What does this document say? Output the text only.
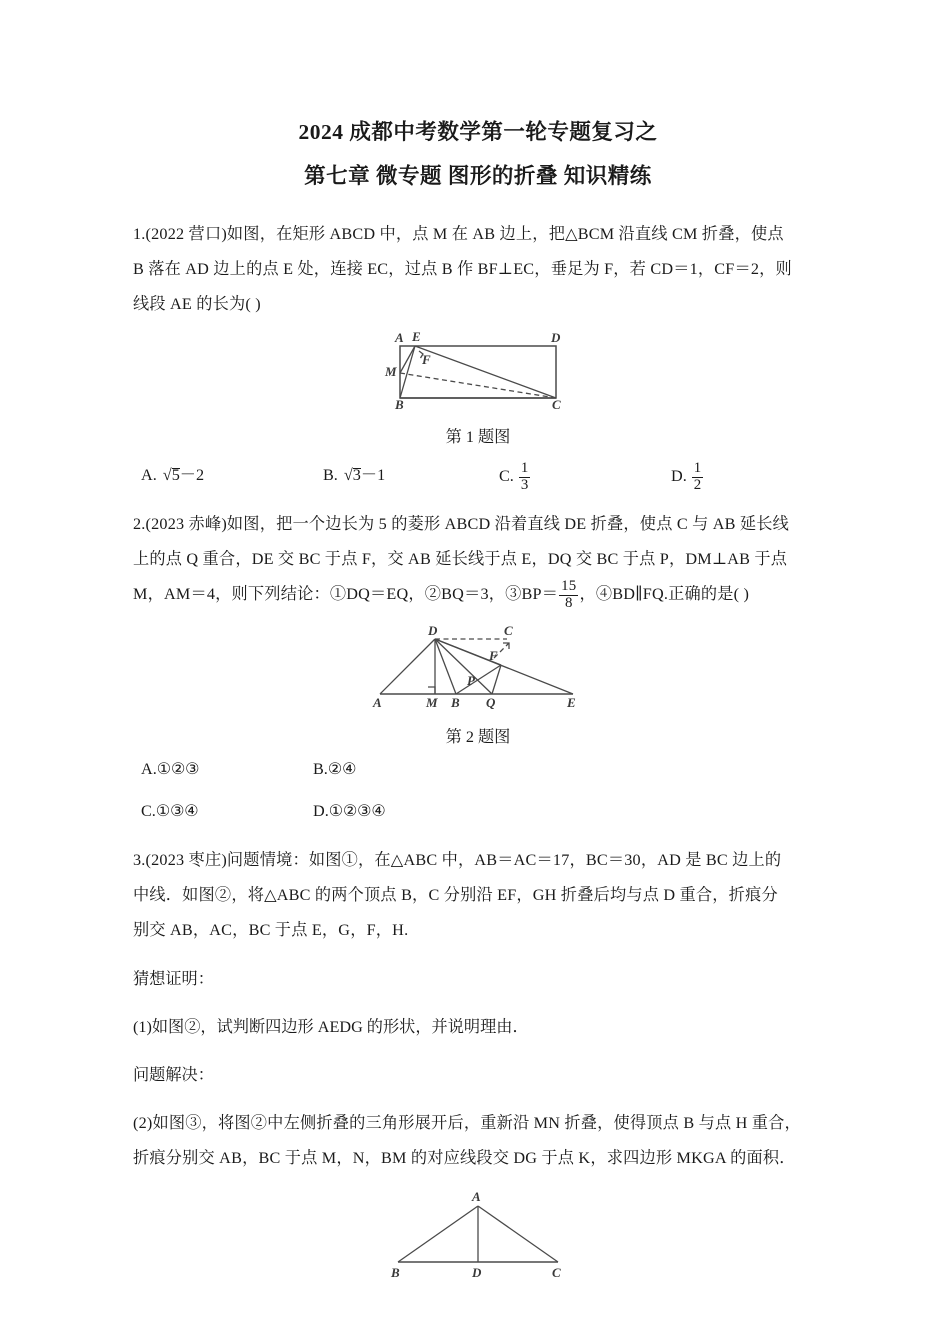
2024 成都中考数学第一轮专题复习之
第七章 微专题 图形的折叠 知识精练
1.(2022 营口)如图，在矩形 ABCD 中，点 M 在 AB 边上，把△BCM 沿直线 CM 折叠，使点
B 落在 AD 边上的点 E 处，连接 EC，过点 B 作 BF⊥EC，垂足为 F，若 CD＝1，CF＝2，则
线段 AE 的长为( )
A E	D
M
F
B	C
第 1 题图
A. √
5－2	B. √
3－1	C. $\frac{1}{3}$	D. $\frac{1}{2}$
2.(2023 赤峰)如图，把一个边长为 5 的菱形 ABCD 沿着直线 DE 折叠，使点 C 与 AB 延长线
上的点 Q 重合，DE 交 BC 于点 F，交 AB 延长线于点 E，DQ 交 BC 于点 P，DM⊥AB 于点
M，AM＝4，则下列结论：①DQ＝EQ，②BQ＝3，③BP＝ $\frac{15}{8}$ ，④BD∥FQ.正确的是( )
D	C
F
P
A	M B Q	E
第 2 题图
A.①②③	B.②④
C.①③④	D.①②③④
3.(2023 枣庄)问题情境：如图①，在△ABC 中，AB＝AC＝17，BC＝30，AD 是 BC 边上的
中线．如图②，将△ABC 的两个顶点 B，C 分别沿 EF，GH 折叠后均与点 D 重合，折痕分
别交 AB，AC，BC 于点 E，G，F，H.
猜想证明：
(1)如图②，试判断四边形 AEDG 的形状，并说明理由．
问题解决：
(2)如图③，将图②中左侧折叠的三角形展开后，重新沿 MN 折叠，使得顶点 B 与点 H 重合，
折痕分别交 AB，BC 于点 M，N，BM 的对应线段交 DG 于点 K，求四边形 MKGA 的面积．
A
B	D	C
